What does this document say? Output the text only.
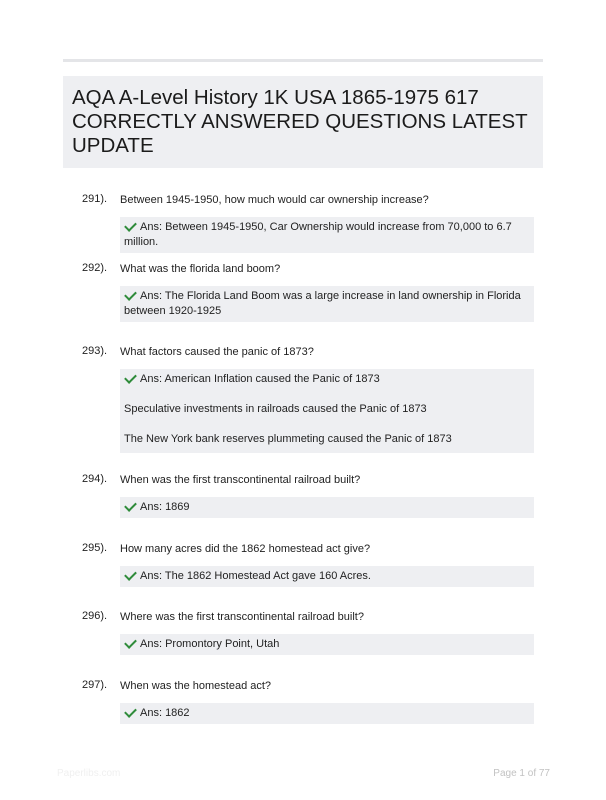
AQA A-Level History 1K USA 1865-1975 617 CORRECTLY ANSWERED QUESTIONS LATEST UPDATE
291). Between 1945-1950, how much would car ownership increase?
Ans: Between 1945-1950, Car Ownership would increase from 70,000 to 6.7 million.
292). What was the florida land boom?
Ans: The Florida Land Boom was a large increase in land ownership in Florida between 1920-1925
293). What factors caused the panic of 1873?
Ans: American Inflation caused the Panic of 1873
Speculative investments in railroads caused the Panic of 1873
The New York bank reserves plummeting caused the Panic of 1873
294). When was the first transcontinental railroad built?
Ans: 1869
295). How many acres did the 1862 homestead act give?
Ans: The 1862 Homestead Act gave 160 Acres.
296). Where was the first transcontinental railroad built?
Ans: Promontory Point, Utah
297). When was the homestead act?
Ans: 1862
Paperlibs.com	Page 1 of 77
